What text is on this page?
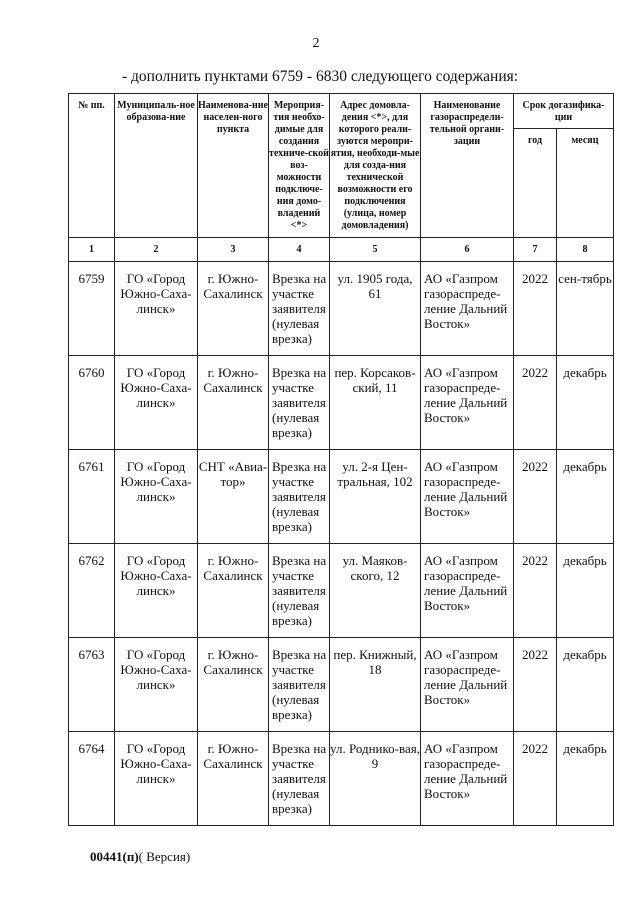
2
- дополнить пунктами 6759 - 6830 следующего содержания:
№ пп.	Муниципаль-ное образова-ние	Наименова-ние населен-ного пункта	Мероприя-тия необхо-димые для создания техниче-ской воз-можности подключе-ния домо-владений <*>	Адрес домовла-дения <*>, для которого реали-зуются меропри-ятия, необходи-мые для созда-ния технической возможности его подключения (улица, номер домовладения)	Наименование газораспредели-тельной органи-зации	Срок догазифика-ции	
						год	месяц
1	2	3	4	5	6	7	8
6759	ГО «Город Южно-Саха-линск»	г. Южно-Сахалинск	Врезка на участке заявителя (нулевая врезка)	ул. 1905 года, 61	АО «Газпром газораспреде-ление Дальний Восток»	2022	сен-тябрь
6760	ГО «Город Южно-Саха-линск»	г. Южно-Сахалинск	Врезка на участке заявителя (нулевая врезка)	пер. Корсаков-ский, 11	АО «Газпром газораспреде-ление Дальний Восток»	2022	декабрь
6761	ГО «Город Южно-Саха-линск»	СНТ «Авиа-тор»	Врезка на участке заявителя (нулевая врезка)	ул. 2-я Цен-тральная, 102	АО «Газпром газораспреде-ление Дальний Восток»	2022	декабрь
6762	ГО «Город Южно-Саха-линск»	г. Южно-Сахалинск	Врезка на участке заявителя (нулевая врезка)	ул. Маяков-ского, 12	АО «Газпром газораспреде-ление Дальний Восток»	2022	декабрь
6763	ГО «Город Южно-Саха-линск»	г. Южно-Сахалинск	Врезка на участке заявителя (нулевая врезка)	пер. Книжный, 18	АО «Газпром газораспреде-ление Дальний Восток»	2022	декабрь
6764	ГО «Город Южно-Саха-линск»	г. Южно-Сахалинск	Врезка на участке заявителя (нулевая врезка)	ул. Роднико-вая, 9	АО «Газпром газораспреде-ление Дальний Восток»	2022	декабрь
00441(п)( Версия)
